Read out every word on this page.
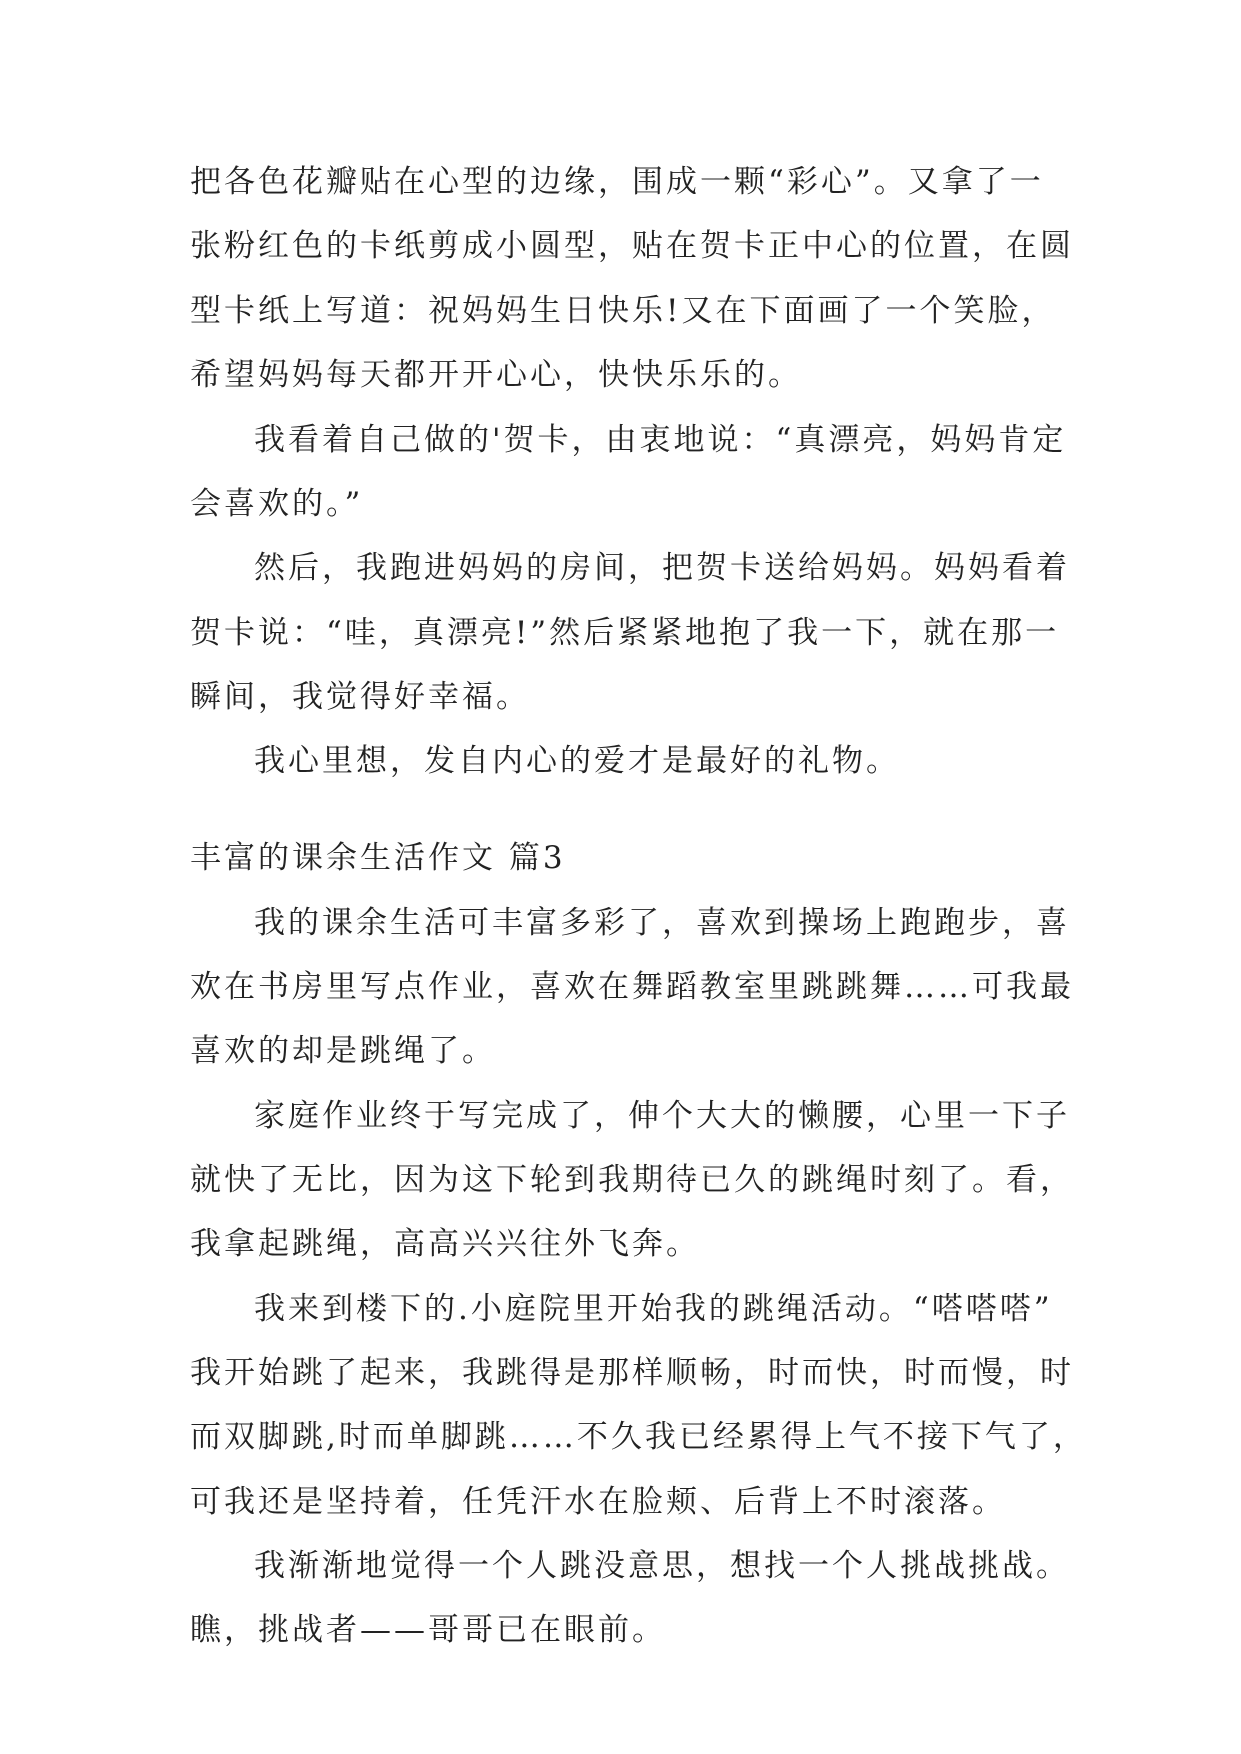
把各色花瓣贴在心型的边缘，围成一颗“彩心”。又拿了一
张粉红色的卡纸剪成小圆型，贴在贺卡正中心的位置，在圆
型卡纸上写道：祝妈妈生日快乐!又在下面画了一个笑脸，
希望妈妈每天都开开心心，快快乐乐的。
我看着自己做的'贺卡，由衷地说：“真漂亮，妈妈肯定
会喜欢的。”
然后，我跑进妈妈的房间，把贺卡送给妈妈。妈妈看着
贺卡说：“哇，真漂亮!”然后紧紧地抱了我一下，就在那一
瞬间，我觉得好幸福。
我心里想，发自内心的爱才是最好的礼物。
丰富的课余生活作文 篇3
我的课余生活可丰富多彩了，喜欢到操场上跑跑步，喜
欢在书房里写点作业，喜欢在舞蹈教室里跳跳舞……可我最
喜欢的却是跳绳了。
家庭作业终于写完成了，伸个大大的懒腰，心里一下子
就快了无比，因为这下轮到我期待已久的跳绳时刻了。看，
我拿起跳绳，高高兴兴往外飞奔。
我来到楼下的.小庭院里开始我的跳绳活动。“嗒嗒嗒”
我开始跳了起来，我跳得是那样顺畅，时而快，时而慢，时
而双脚跳,时而单脚跳……不久我已经累得上气不接下气了，
可我还是坚持着，任凭汗水在脸颊、后背上不时滚落。
我渐渐地觉得一个人跳没意思，想找一个人挑战挑战。
瞧，挑战者——哥哥已在眼前。
